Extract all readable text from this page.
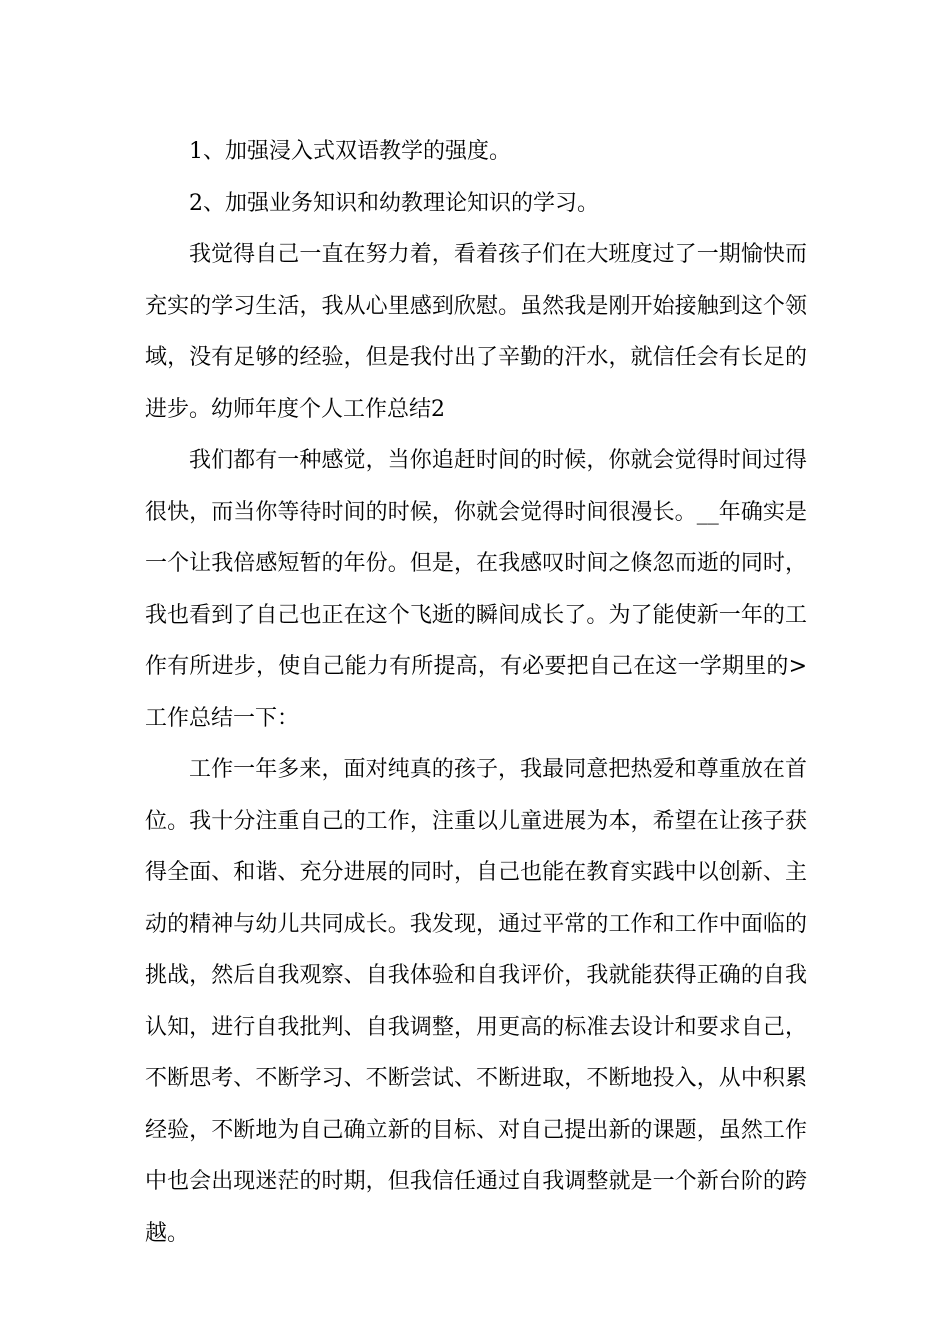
1、加强浸入式双语教学的强度。

2、加强业务知识和幼教理论知识的学习。

我觉得自己一直在努力着，看着孩子们在大班度过了一期愉快而充实的学习生活，我从心里感到欣慰。虽然我是刚开始接触到这个领域，没有足够的经验，但是我付出了辛勤的汗水，就信任会有长足的进步。幼师年度个人工作总结2

我们都有一种感觉，当你追赶时间的时候，你就会觉得时间过得很快，而当你等待时间的时候，你就会觉得时间很漫长。__年确实是一个让我倍感短暂的年份。但是，在我感叹时间之倏忽而逝的同时，我也看到了自己也正在这个飞逝的瞬间成长了。为了能使新一年的工作有所进步，使自己能力有所提高，有必要把自己在这一学期里的>工作总结一下：

工作一年多来，面对纯真的孩子，我最同意把热爱和尊重放在首位。我十分注重自己的工作，注重以儿童进展为本，希望在让孩子获得全面、和谐、充分进展的同时，自己也能在教育实践中以创新、主动的精神与幼儿共同成长。我发现，通过平常的工作和工作中面临的挑战，然后自我观察、自我体验和自我评价，我就能获得正确的自我认知，进行自我批判、自我调整，用更高的标准去设计和要求自己，不断思考、不断学习、不断尝试、不断进取，不断地投入，从中积累经验，不断地为自己确立新的目标、对自己提出新的课题，虽然工作中也会出现迷茫的时期，但我信任通过自我调整就是一个新台阶的跨越。
